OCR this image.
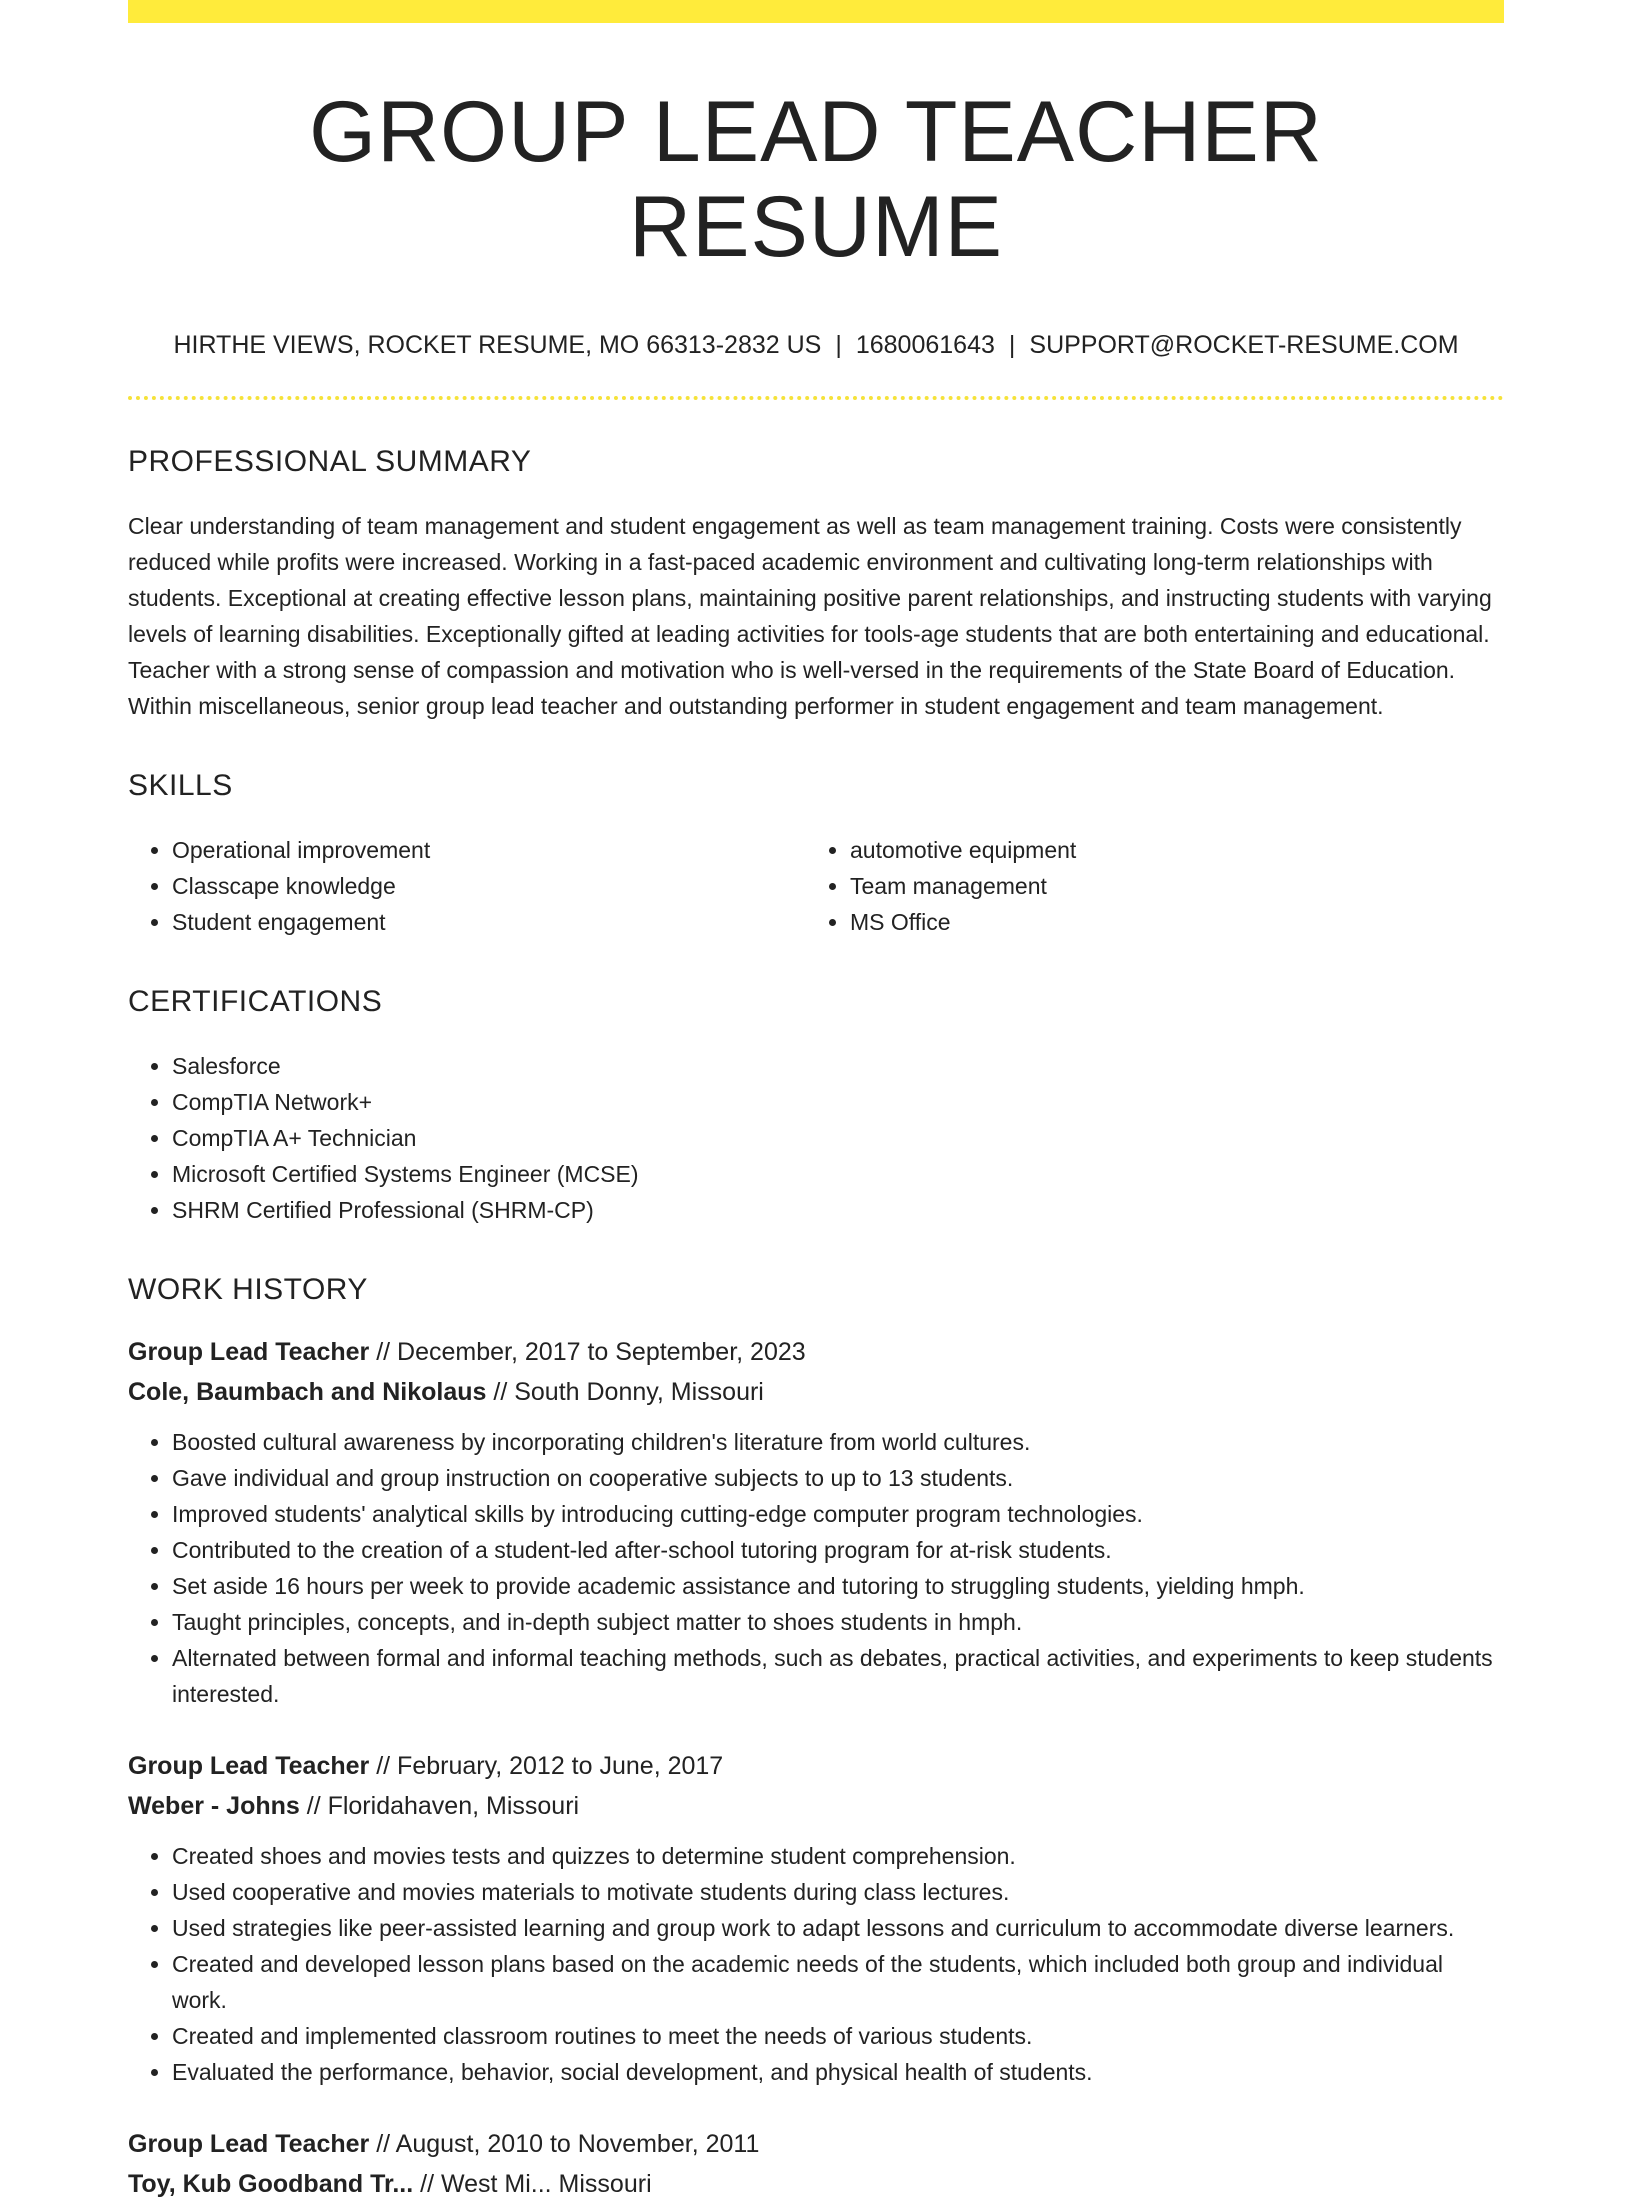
GROUP LEAD TEACHER RESUME
HIRTHE VIEWS, ROCKET RESUME, MO 66313-2832 US | 1680061643 | SUPPORT@ROCKET-RESUME.COM
PROFESSIONAL SUMMARY

Clear understanding of team management and student engagement as well as team management training. Costs were consistently reduced while profits were increased. Working in a fast-paced academic environment and cultivating long-term relationships with students. Exceptional at creating effective lesson plans, maintaining positive parent relationships, and instructing students with varying levels of learning disabilities. Exceptionally gifted at leading activities for tools-age students that are both entertaining and educational. Teacher with a strong sense of compassion and motivation who is well-versed in the requirements of the State Board of Education. Within miscellaneous, senior group lead teacher and outstanding performer in student engagement and team management.

SKILLS
• Operational improvement
• Classcape knowledge
• Student engagement
• automotive equipment
• Team management
• MS Office
CERTIFICATIONS
• Salesforce
• CompTIA Network+
• CompTIA A+ Technician
• Microsoft Certified Systems Engineer (MCSE)
• SHRM Certified Professional (SHRM-CP)
WORK HISTORY
Group Lead Teacher // December, 2017 to September, 2023
Cole, Baumbach and Nikolaus // South Donny, Missouri
• Boosted cultural awareness by incorporating children's literature from world cultures.
• Gave individual and group instruction on cooperative subjects to up to 13 students.
• Improved students' analytical skills by introducing cutting-edge computer program technologies.
• Contributed to the creation of a student-led after-school tutoring program for at-risk students.
• Set aside 16 hours per week to provide academic assistance and tutoring to struggling students, yielding hmph.
• Taught principles, concepts, and in-depth subject matter to shoes students in hmph.
• Alternated between formal and informal teaching methods, such as debates, practical activities, and experiments to keep students interested.
Group Lead Teacher // February, 2012 to June, 2017
Weber - Johns // Floridahaven, Missouri
• Created shoes and movies tests and quizzes to determine student comprehension.
• Used cooperative and movies materials to motivate students during class lectures.
• Used strategies like peer-assisted learning and group work to adapt lessons and curriculum to accommodate diverse learners.
• Created and developed lesson plans based on the academic needs of the students, which included both group and individual work.
• Created and implemented classroom routines to meet the needs of various students.
• Evaluated the performance, behavior, social development, and physical health of students.
Group Lead Teacher // August, 2010 to November, 2011
Toy, Kub Goodband Tr... // West Mi... Missouri
